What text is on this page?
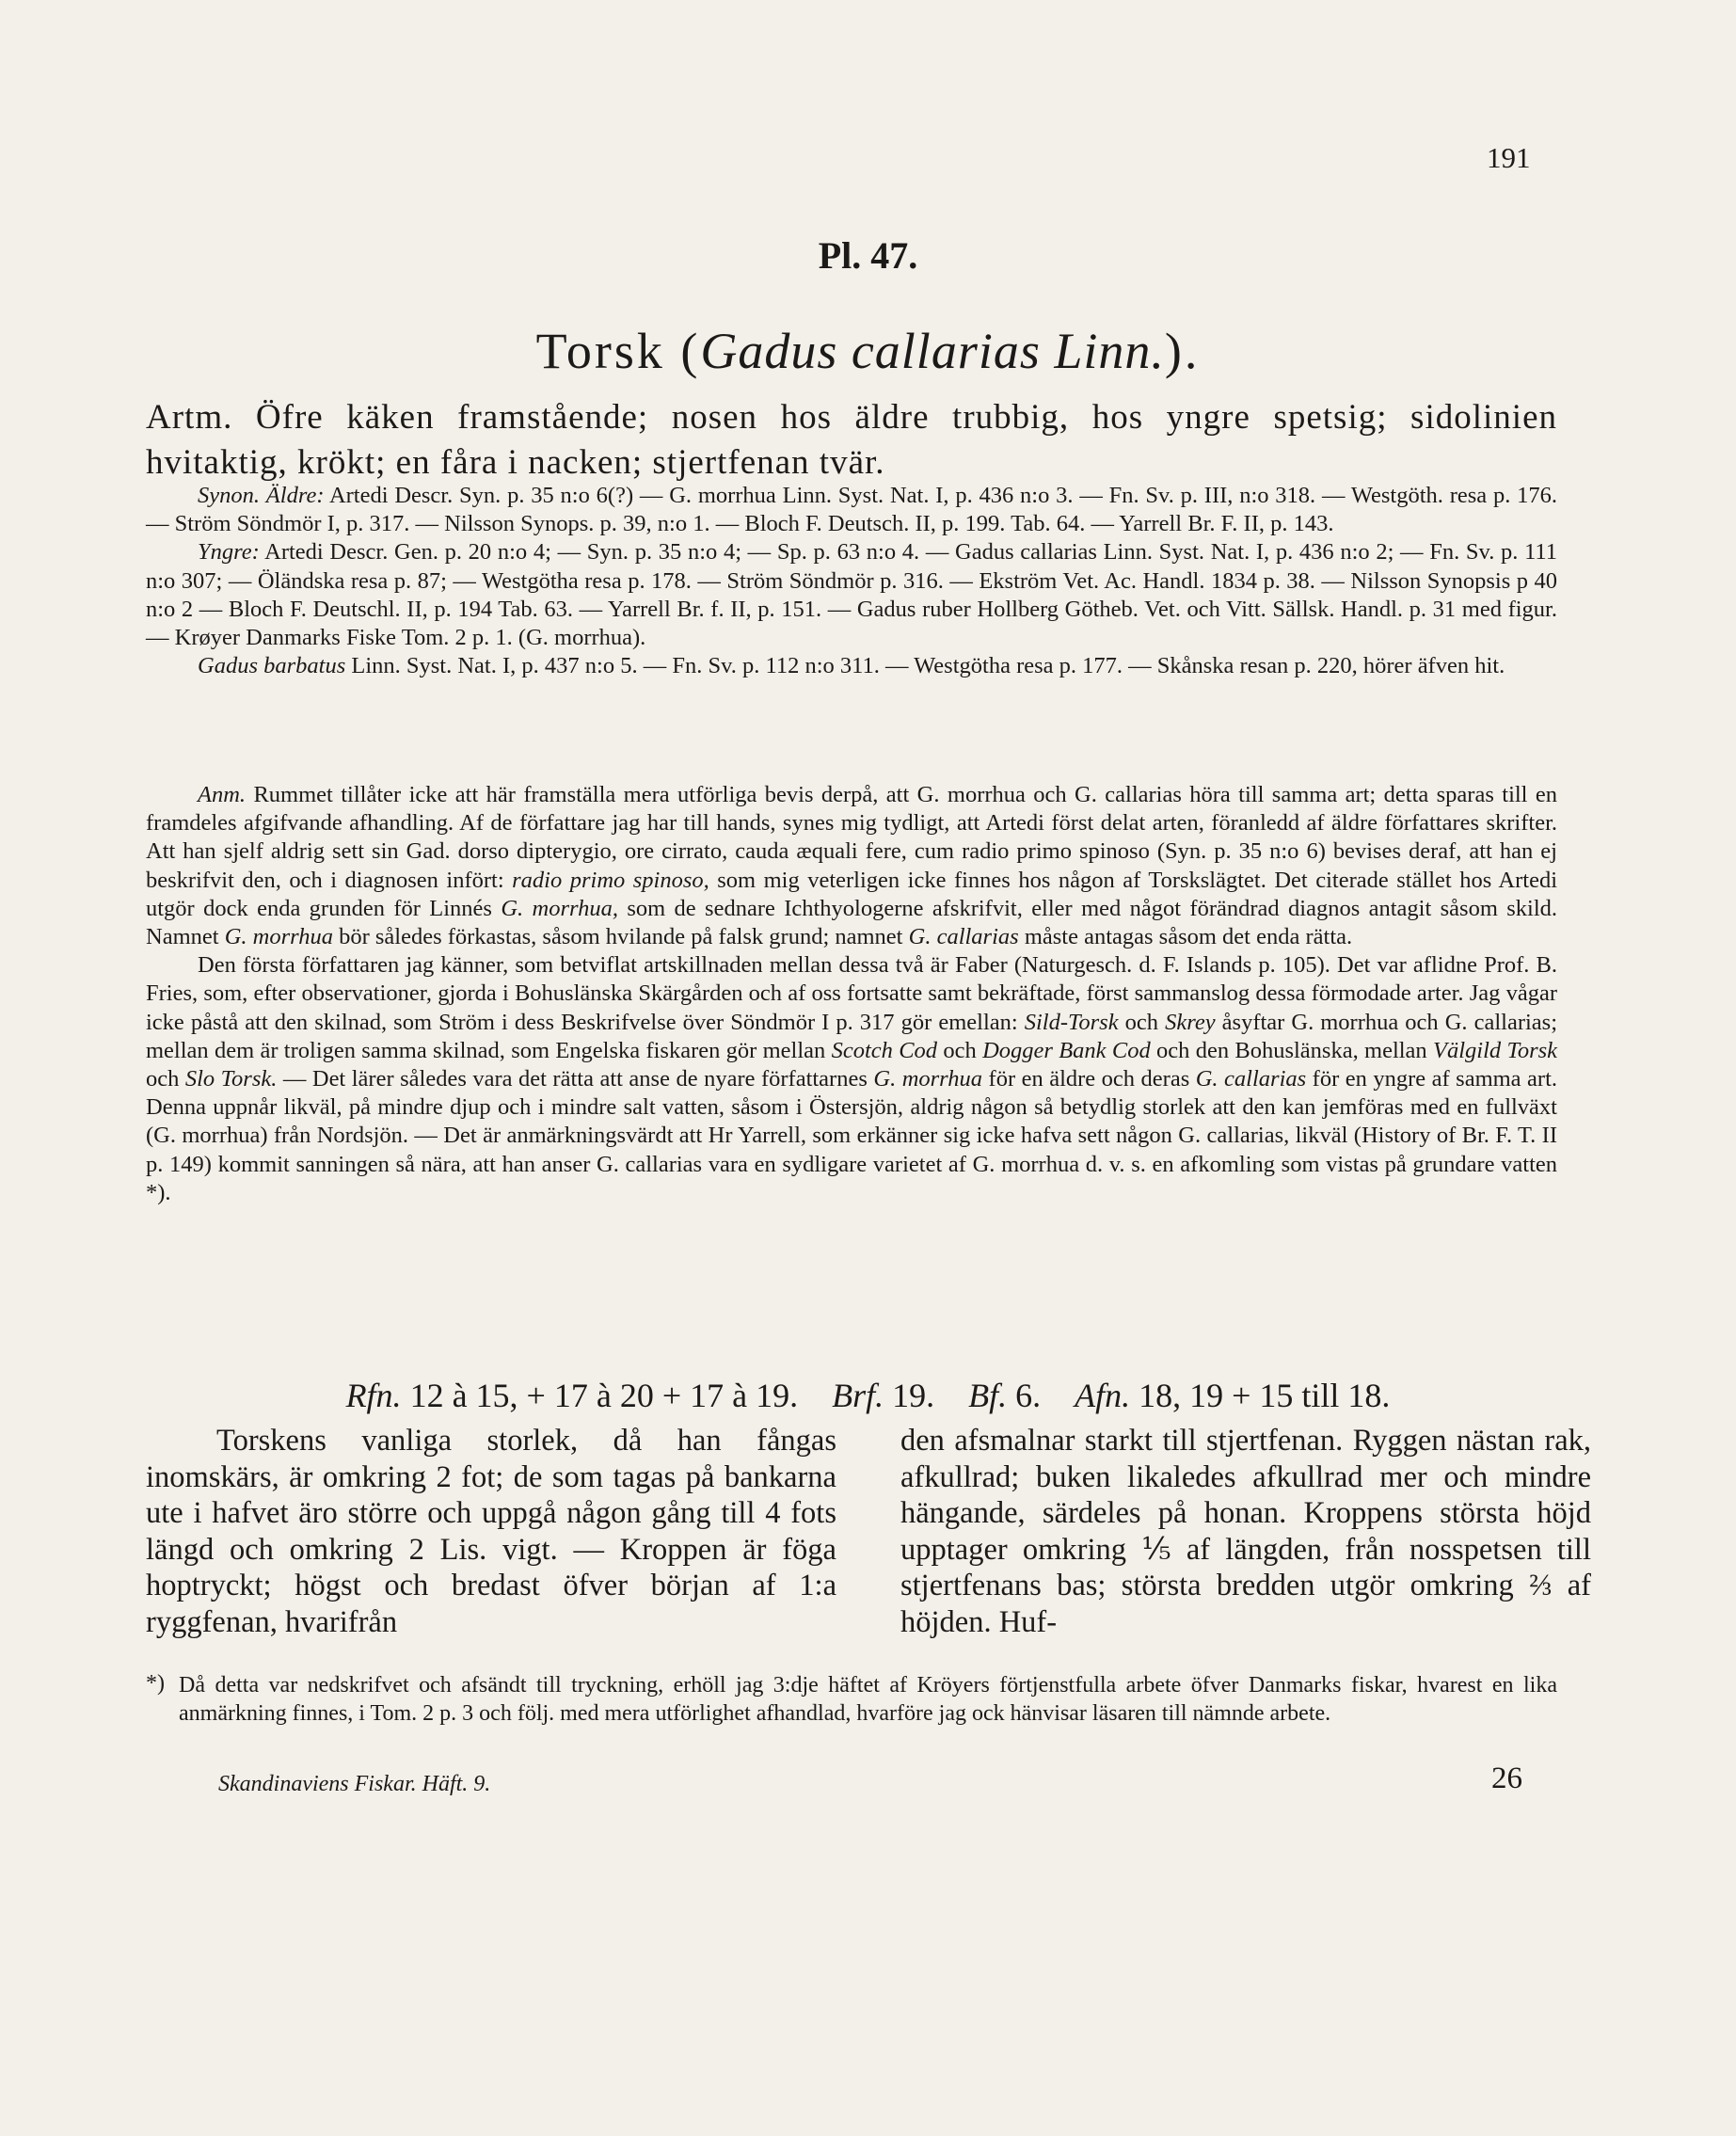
191
Pl. 47.
Torsk (Gadus callarias Linn.).
Artm. Öfre käken framstående; nosen hos äldre trubbig, hos yngre spetsig; sidolinien hvitaktig, krökt; en fåra i nacken; stjertfenan tvär.

Synon. Äldre: Artedi Descr. Syn. p. 35 n:o 6(?) — G. morrhua Linn. Syst. Nat. I, p. 436 n:o 3. — Fn. Sv. p. III, n:o 318. — Westgöth. resa p. 176. — Ström Söndmör I, p. 317. — Nilsson Synops. p. 39, n:o 1. — Bloch F. Deutsch. II, p. 199. Tab. 64. — Yarrell Br. F. II, p. 143.

Yngre: Artedi Descr. Gen. p. 20 n:o 4; — Syn. p. 35 n:o 4; — Sp. p. 63 n:o 4. — Gadus callarias Linn. Syst. Nat. I, p. 436 n:o 2; — Fn. Sv. p. 111 n:o 307; — Öländska resa p. 87; — Westgötha resa p. 178. — Ström Söndmör p. 316. — Ekström Vet. Ac. Handl. 1834 p. 38. — Nilsson Synopsis p 40 n:o 2 — Bloch F. Deutschl. II, p. 194 Tab. 63. — Yarrell Br. f. II, p. 151. — Gadus ruber Hollberg Götheb. Vet. och Vitt. Sällsk. Handl. p. 31 med figur. — Krøyer Danmarks Fiske Tom. 2 p. 1. (G. morrhua).

Gadus barbatus Linn. Syst. Nat. I, p. 437 n:o 5. — Fn. Sv. p. 112 n:o 311. — Westgötha resa p. 177. — Skånska resan p. 220, hörer äfven hit.

Anm. Rummet tillåter icke att här framställa mera utförliga bevis derpå, att G. morrhua och G. callarias höra till samma art; detta sparas till en framdeles afgifvande afhandling. Af de författare jag har till hands, synes mig tydligt, att Artedi först delat arten, föranledd af äldre författares skrifter. Att han sjelf aldrig sett sin Gad. dorso dipterygio, ore cirrato, cauda æquali fere, cum radio primo spinoso (Syn. p. 35 n:o 6) bevises deraf, att han ej beskrifvit den, och i diagnosen infört: radio primo spinoso, som mig veterligen icke finnes hos någon af Torskslägtet. Det citerade stället hos Artedi utgör dock enda grunden för Linnés G. morrhua, som de sednare Ichthyologerne afskrifvit, eller med något förändrad diagnos antagit såsom skild. Namnet G. morrhua bör således förkastas, såsom hvilande på falsk grund; namnet G. callarias måste antagas såsom det enda rätta.

Den första författaren jag känner, som betviflat artskillnaden mellan dessa två är Faber (Naturgesch. d. F. Islands p. 105). Det var aflidne Prof. B. Fries, som, efter observationer, gjorda i Bohuslänska Skärgården och af oss fortsatte samt bekräftade, först sammanslog dessa förmodade arter. Jag vågar icke påstå att den skilnad, som Ström i dess Beskrifvelse över Söndmör I p. 317 gör emellan: Sild-Torsk och Skrey åsyftar G. morrhua och G. callarias; mellan dem är troligen samma skilnad, som Engelska fiskaren gör mellan Scotch Cod och Dogger Bank Cod och den Bohuslänska, mellan Välgild Torsk och Slo Torsk. — Det lärer således vara det rätta att anse de nyare författarnes G. morrhua för en äldre och deras G. callarias för en yngre af samma art. Denna uppnår likväl, på mindre djup och i mindre salt vatten, såsom i Östersjön, aldrig någon så betydlig storlek att den kan jemföras med en fullväxt (G. morrhua) från Nordsjön. — Det är anmärkningsvärdt att Hr Yarrell, som erkänner sig icke hafva sett någon G. callarias, likväl (History of Br. F. T. II p. 149) kommit sanningen så nära, att han anser G. callarias vara en sydligare varietet af G. morrhua d. v. s. en afkomling som vistas på grundare vatten *).

Rfn. 12 à 15, + 17 à 20 + 17 à 19. Brf. 19. Bf. 6. Afn. 18, 19 + 15 till 18.
Torskens vanliga storlek, då han fångas inomskärs, är omkring 2 fot; de som tagas på bankarna ute i hafvet äro större och uppgå någon gång till 4 fots längd och omkring 2 Lis. vigt. — Kroppen är föga hoptryckt; högst och bredast öfver början af 1:a ryggfenan, hvarifrån
den afsmalnar starkt till stjertfenan. Ryggen nästan rak, afkullrad; buken likaledes afkullrad mer och mindre hängande, särdeles på honan. Kroppens största höjd upptager omkring ⅕ af längden, från nosspetsen till stjertfenans bas; största bredden utgör omkring ⅔ af höjden. Huf-
*) Då detta var nedskrifvet och afsändt till tryckning, erhöll jag 3:dje häftet af Kröyers förtjenstfulla arbete öfver Danmarks fiskar, hvarest en lika anmärkning finnes, i Tom. 2 p. 3 och följ. med mera utförlighet afhandlad, hvarföre jag ock hänvisar läsaren till nämnde arbete.
Skandinaviens Fiskar. Häft. 9.	26
